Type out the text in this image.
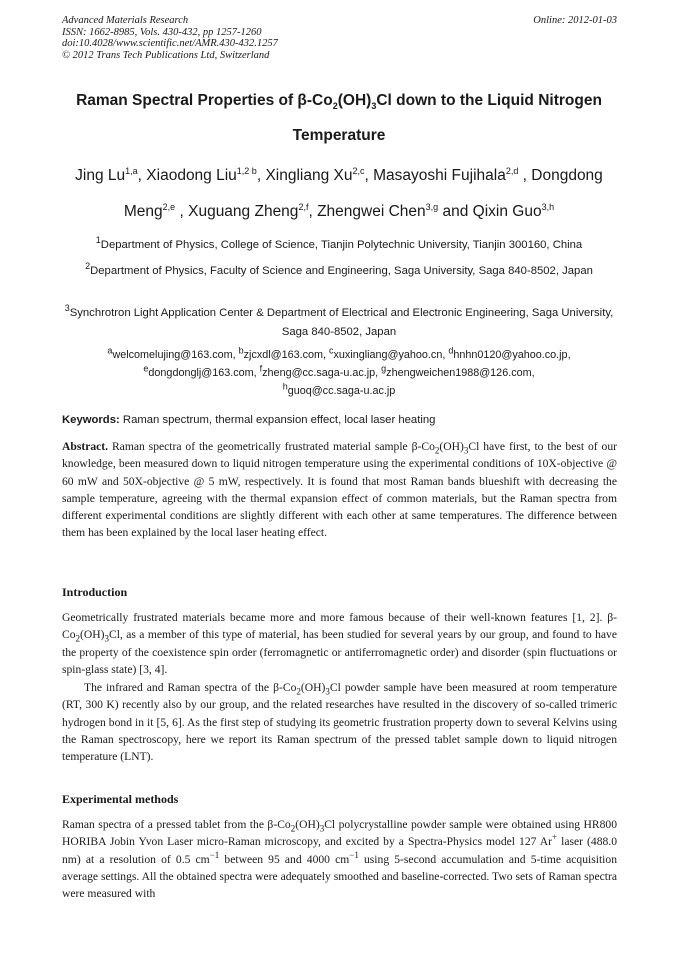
Advanced Materials Research
ISSN: 1662-8985, Vols. 430-432, pp 1257-1260
doi:10.4028/www.scientific.net/AMR.430-432.1257
© 2012 Trans Tech Publications Ltd, Switzerland
Online: 2012-01-03
Raman Spectral Properties of $\beta-Co_2(OH)_3Cl$ down to the Liquid Nitrogen
Temperature
Jing Lu$^{1,a}$, Xiaodong Liu$^{1,2 b}$, Xingliang Xu$^{2,c}$, Masayoshi Fujihala$^{2,d}$ , Dongdong
Meng$^{2,e}$ , Xuguang Zheng$^{2,f}$, Zhengwei Chen$^{3,g}$ and Qixin Guo$^{3,h}$
$^1$Department of Physics, College of Science, Tianjin Polytechnic University, Tianjin 300160, China
$^2$Department of Physics, Faculty of Science and Engineering, Saga University, Saga 840-8502, Japan
$^3$Synchrotron Light Application Center & Department of Electrical and Electronic Engineering, Saga University, Saga 840-8502, Japan
$^a$welcomelujing@163.com, $^b$zjcxdl@163.com, $^c$xuxingliang@yahoo.cn, $^d$hnhn0120@yahoo.co.jp,
$^e$dongdonglj@163.com, $^f$zheng@cc.saga-u.ac.jp, $^g$zhengweichen1988@126.com,
$^h$guoq@cc.saga-u.ac.jp
Keywords: Raman spectrum, thermal expansion effect, local laser heating
Abstract. Raman spectra of the geometrically frustrated material sample $\beta-Co_2(OH)_3Cl$ have first, to the best of our knowledge, been measured down to liquid nitrogen temperature using the experimental conditions of 10X-objective @ 60 mW and 50X-objective @ 5 mW, respectively. It is found that most Raman bands blueshift with decreasing the sample temperature, agreeing with the thermal expansion effect of common materials, but the Raman spectra from different experimental conditions are slightly different with each other at same temperatures. The difference between them has been explained by the local laser heating effect.
Introduction
Geometrically frustrated materials became more and more famous because of their well-known features [1, 2]. $\beta-Co_2(OH)_3Cl$, as a member of this type of material, has been studied for several years by our group, and found to have the property of the coexistence spin order (ferromagnetic or antiferromagnetic order) and disorder (spin fluctuations or spin-glass state) [3, 4].
The infrared and Raman spectra of the $\beta-Co_2(OH)_3Cl$ powder sample have been measured at room temperature (RT, 300 K) recently also by our group, and the related researches have resulted in the discovery of so-called trimeric hydrogen bond in it [5, 6]. As the first step of studying its geometric frustration property down to several Kelvins using the Raman spectroscopy, here we report its Raman spectrum of the pressed tablet sample down to liquid nitrogen temperature (LNT).
Experimental methods
Raman spectra of a pressed tablet from the $\beta-Co_2(OH)_3Cl$ polycrystalline powder sample were obtained using HR800 HORIBA Jobin Yvon Laser micro-Raman microscopy, and excited by a Spectra-Physics model 127 Ar+ laser (488.0 nm) at a resolution of 0.5 $cm^{-1}$ between 95 and 4000 $cm^{-1}$ using 5-second accumulation and 5-time acquisition average settings. All the obtained spectra were adequately smoothed and baseline-corrected. Two sets of Raman spectra were measured with
